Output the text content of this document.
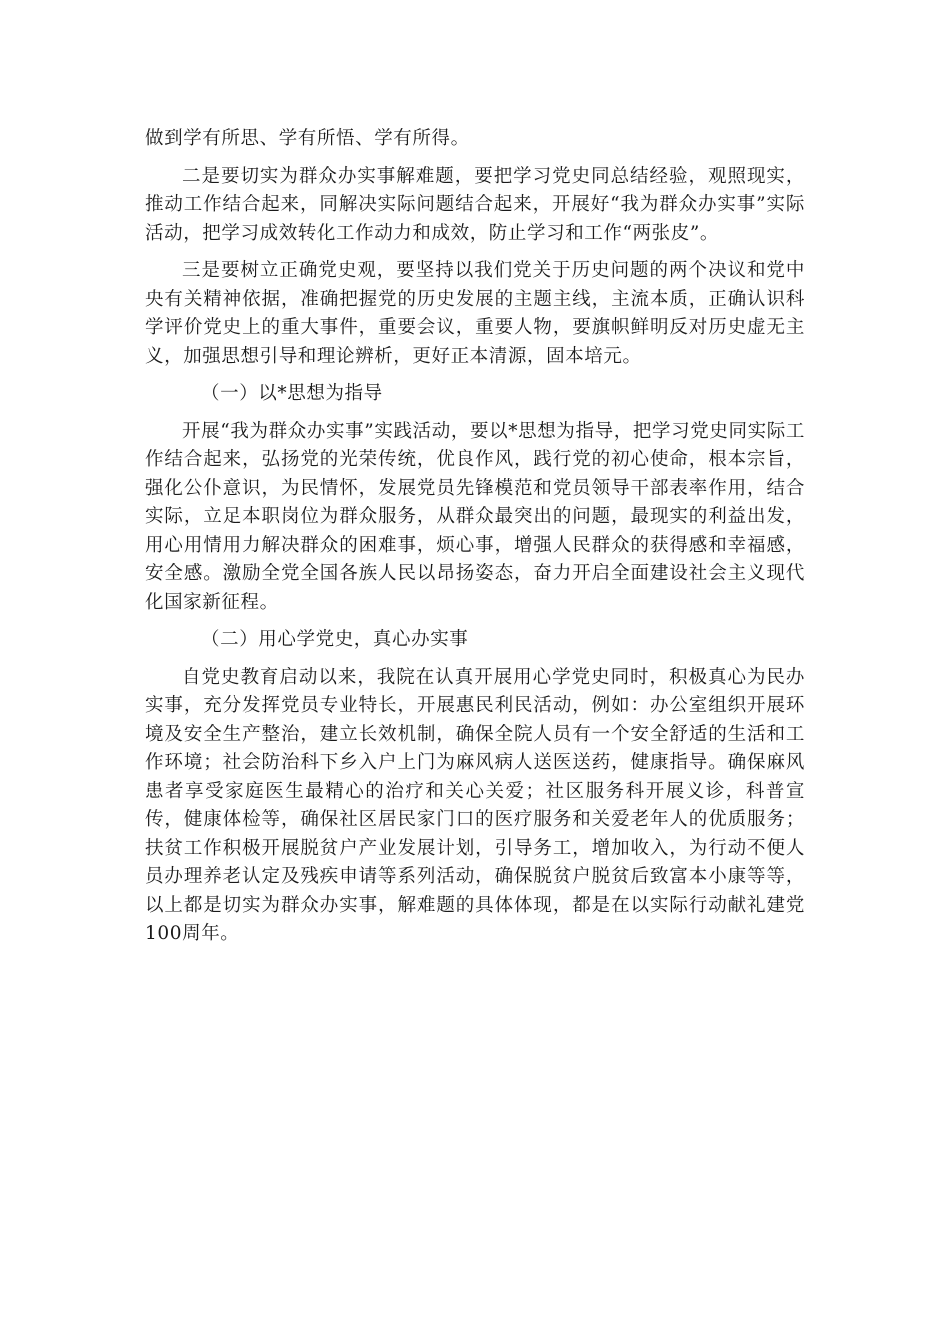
做到学有所思、学有所悟、学有所得。

二是要切实为群众办实事解难题，要把学习党史同总结经验，观照现实，推动工作结合起来，同解决实际问题结合起来，开展好“我为群众办实事”实际活动，把学习成效转化工作动力和成效，防止学习和工作“两张皮”。

三是要树立正确党史观，要坚持以我们党关于历史问题的两个决议和党中央有关精神依据，准确把握党的历史发展的主题主线，主流本质，正确认识科学评价党史上的重大事件，重要会议，重要人物，要旗帜鲜明反对历史虚无主义，加强思想引导和理论辨析，更好正本清源，固本培元。

（一）以*思想为指导

开展“我为群众办实事”实践活动，要以*思想为指导，把学习党史同实际工作结合起来，弘扬党的光荣传统，优良作风，践行党的初心使命，根本宗旨，强化公仆意识，为民情怀，发展党员先锋模范和党员领导干部表率作用，结合实际，立足本职岗位为群众服务，从群众最突出的问题，最现实的利益出发，用心用情用力解决群众的困难事，烦心事，增强人民群众的获得感和幸福感，安全感。激励全党全国各族人民以昂扬姿态，奋力开启全面建设社会主义现代化国家新征程。

（二）用心学党史，真心办实事

自党史教育启动以来，我院在认真开展用心学党史同时，积极真心为民办实事，充分发挥党员专业特长，开展惠民利民活动，例如：办公室组织开展环境及安全生产整治，建立长效机制，确保全院人员有一个安全舒适的生活和工作环境；社会防治科下乡入户上门为麻风病人送医送药，健康指导。确保麻风患者享受家庭医生最精心的治疗和关心关爱；社区服务科开展义诊，科普宣传，健康体检等，确保社区居民家门口的医疗服务和关爱老年人的优质服务；扶贫工作积极开展脱贫户产业发展计划，引导务工，增加收入，为行动不便人员办理养老认定及残疾申请等系列活动，确保脱贫户脱贫后致富本小康等等，以上都是切实为群众办实事，解难题的具体体现，都是在以实际行动献礼建党100周年。
